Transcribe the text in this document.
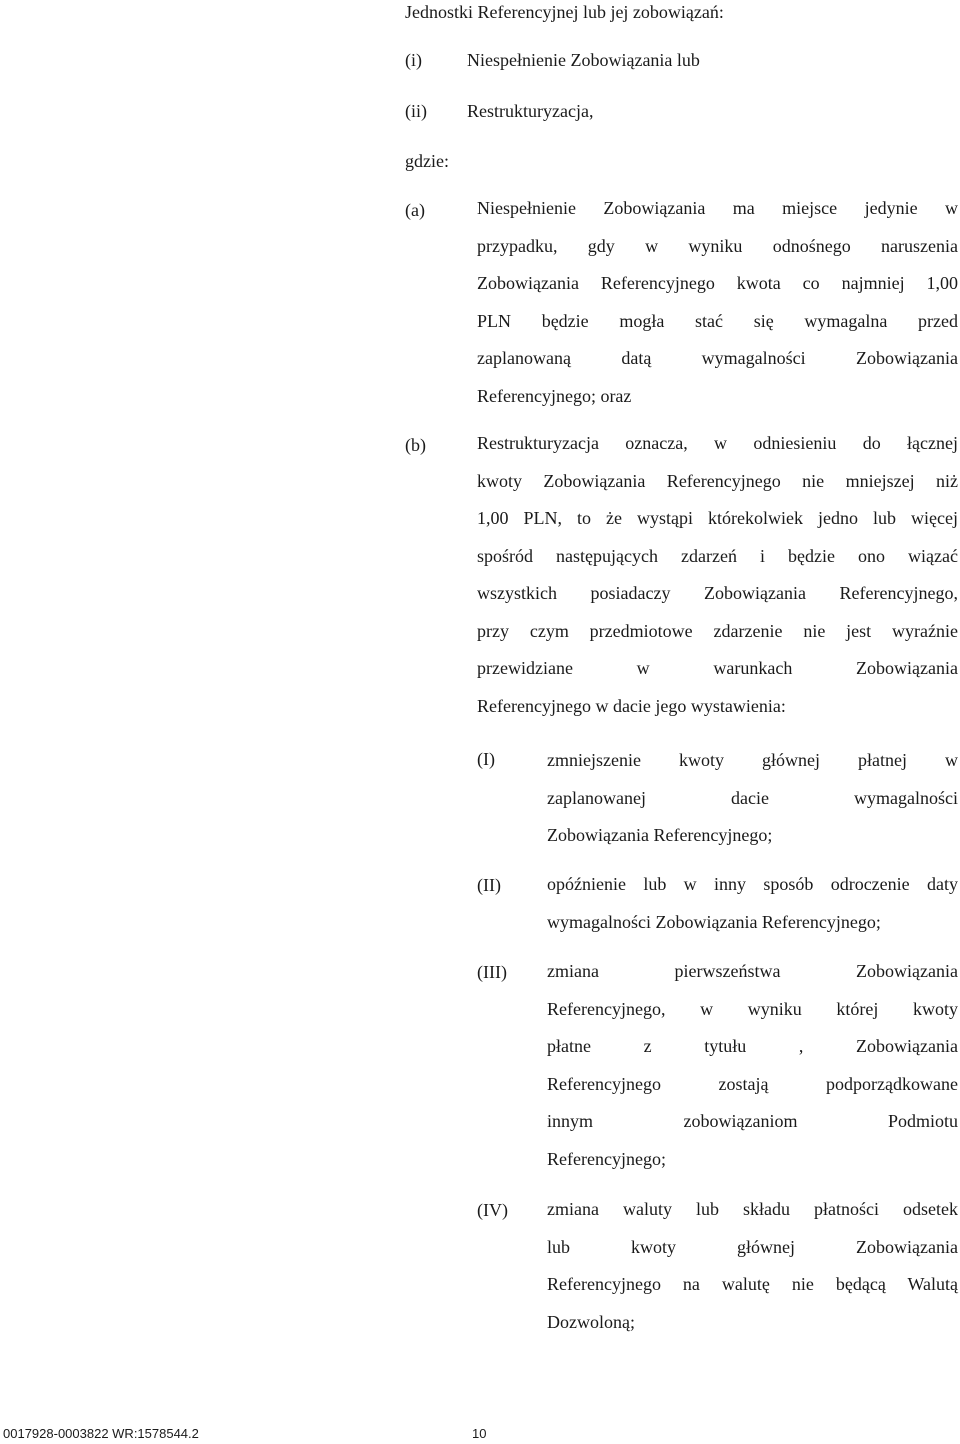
Jednostki Referencyjnej lub jej zobowiązań:
(i)	Niespełnienie Zobowiązania lub
(ii) Restrukturyzacja,
gdzie:
(a)	Niespełnienie Zobowiązania ma miejsce jedynie w
przypadku, gdy w wyniku odnośnego naruszenia
Zobowiązania Referencyjnego kwota co najmniej 1,00
PLN będzie mogła stać się wymagalna przed
zaplanowaną datą wymagalności Zobowiązania
Referencyjnego; oraz
(b)	Restrukturyzacja oznacza, w odniesieniu do łącznej
kwoty Zobowiązania Referencyjnego nie mniejszej niż
1,00 PLN, to że wystąpi którekolwiek jedno lub więcej
spośród następujących zdarzeń i będzie ono wiązać
wszystkich posiadaczy Zobowiązania Referencyjnego,
przy czym przedmiotowe zdarzenie nie jest wyraźnie
przewidziane w warunkach Zobowiązania
Referencyjnego w dacie jego wystawienia:
(I)	zmniejszenie kwoty głównej płatnej w
zaplanowanej dacie wymagalności
Zobowiązania Referencyjnego;
(II)	opóźnienie lub w inny sposób odroczenie daty
wymagalności Zobowiązania Referencyjnego;
(III) zmiana pierwszeństwa Zobowiązania
Referencyjnego, w wyniku której kwoty
płatne z tytułu , Zobowiązania
Referencyjnego zostają podporządkowane
innym zobowiązaniom Podmiotu
Referencyjnego;
(IV) zmiana waluty lub składu płatności odsetek
lub kwoty głównej Zobowiązania
Referencyjnego na walutę nie będącą Walutą
Dozwoloną;
0017928-0003822 WR:1578544.2	10
